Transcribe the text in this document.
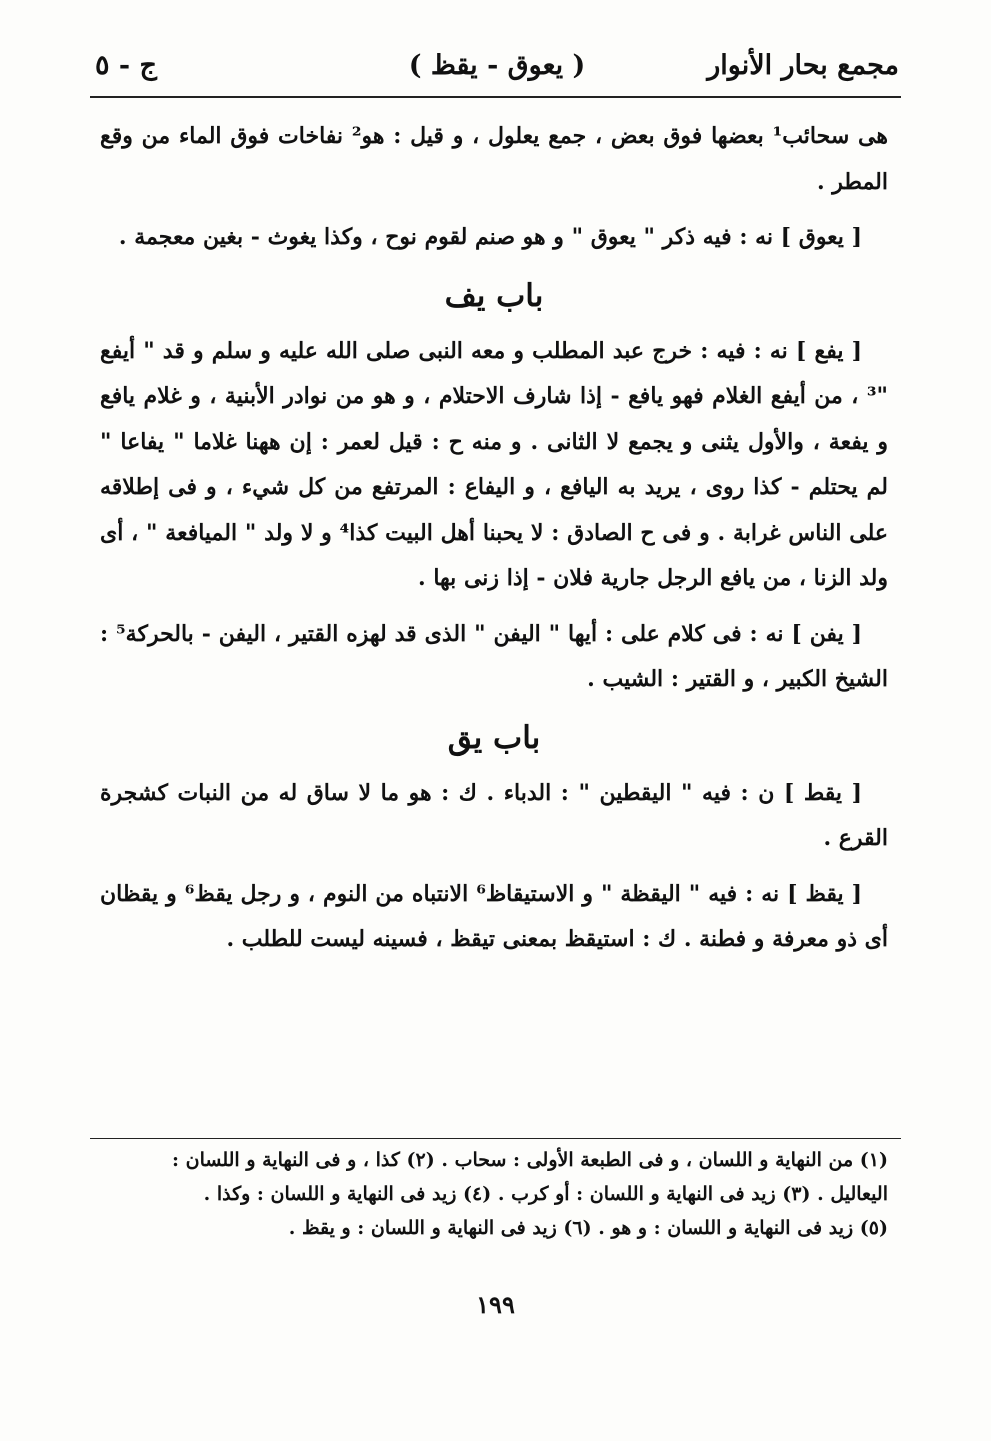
مجمع بحار الأنوار
( يعوق - يقظ )
ج - ٥

هى سحائب¹ بعضها فوق بعض ، جمع يعلول ، و قيل : هو² نفاخات فوق الماء من وقع المطر .

[ يعوق ] نه : فيه ذكر " يعوق " و هو صنم لقوم نوح ، وكذا يغوث - بغين معجمة .

باب يف

[ يفع ] نه : فيه : خرج عبد المطلب و معه النبى صلى الله عليه و سلم و قد " أيفع "³ ، من أيفع الغلام فهو يافع - إذا شارف الاحتلام ، و هو من نوادر الأبنية ، و غلام يافع و يفعة ، والأول يثنى و يجمع لا الثانى . و منه ح : قيل لعمر : إن ههنا غلاما " يفاعا " لم يحتلم - كذا روى ، يريد به اليافع ، و اليفاع : المرتفع من كل شيء ، و فى إطلاقه على الناس غرابة . و فى ح الصادق : لا يحبنا أهل البيت كذا⁴ و لا ولد " الميافعة " ، أى ولد الزنا ، من يافع الرجل جارية فلان - إذا زنى بها .

[ يفن ] نه : فى كلام على : أيها " اليفن " الذى قد لهزه القتير ، اليفن - بالحركة⁵ : الشيخ الكبير ، و القتير : الشيب .

باب يق

[ يقط ] ن : فيه " اليقطين " : الدباء . ك : هو ما لا ساق له من النبات كشجرة القرع .

[ يقظ ] نه : فيه " اليقظة " و الاستيقاظ⁶ الانتباه من النوم ، و رجل يقظ⁶ و يقظان أى ذو معرفة و فطنة . ك : استيقظ بمعنى تيقظ ، فسينه ليست للطلب .

(١) من النهاية و اللسان ، و فى الطبعة الأولى : سحاب . (٢) كذا ، و فى النهاية و اللسان :

اليعاليل . (٣) زيد فى النهاية و اللسان : أو كرب . (٤) زيد فى النهاية و اللسان : وكذا .

(٥) زيد فى النهاية و اللسان : و هو . (٦) زيد فى النهاية و اللسان : و يقظ .

١٩٩
